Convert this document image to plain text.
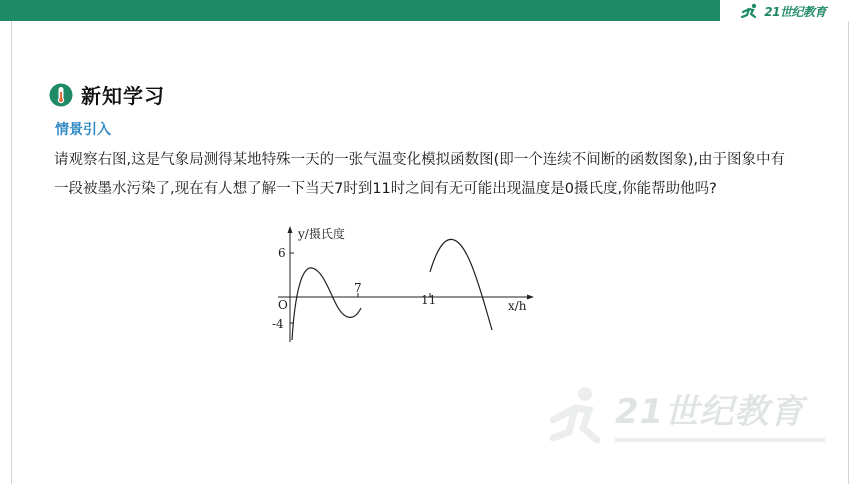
21世纪教育
新知学习
情景引入

请观察右图,这是气象局测得某地特殊一天的一张气温变化模拟函数图(即一个连续不间断的函数图象),由于图象中有一段被墨水污染了,现在有人想了解一下当天7时到11时之间有无可能出现温度是0摄氏度,你能帮助他吗?

y/摄氏度
x/h
O
6
-4
7
11
21世纪教育
